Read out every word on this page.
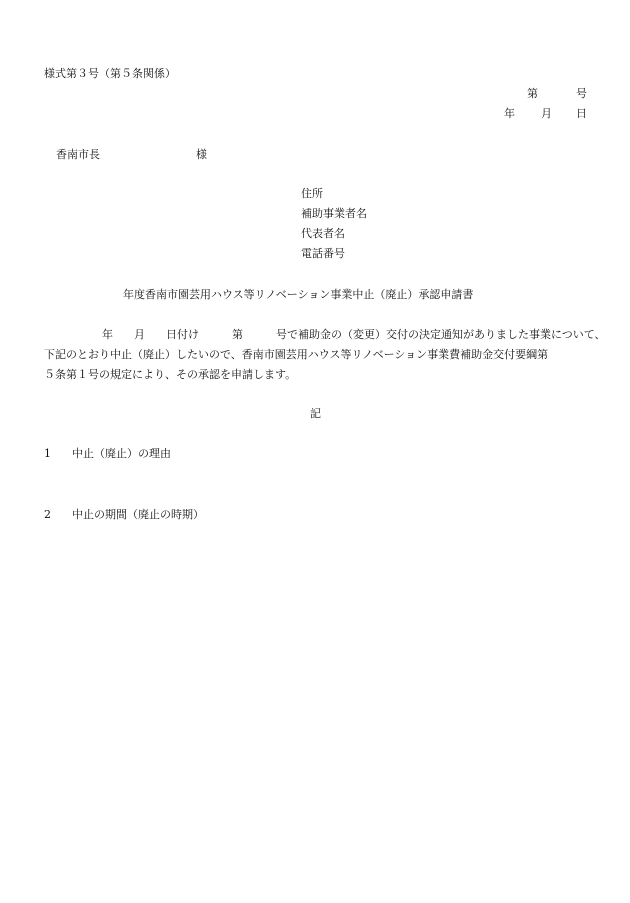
様式第３号（第５条関係）
第	号
年 月 日
香南市長	様
住所
補助事業者名
代表者名
電話番号
年度香南市園芸用ハウス等リノベーション事業中止（廃止）承認申請書
年 月 日付け	第	号で補助金の（変更）交付の決定通知がありました事業について、
下記のとおり中止（廃止）したいので、香南市園芸用ハウス等リノベーション事業費補助金交付要綱第
５条第１号の規定により、その承認を申請します。
記
1 中止（廃止）の理由
2 中止の期間（廃止の時期）
